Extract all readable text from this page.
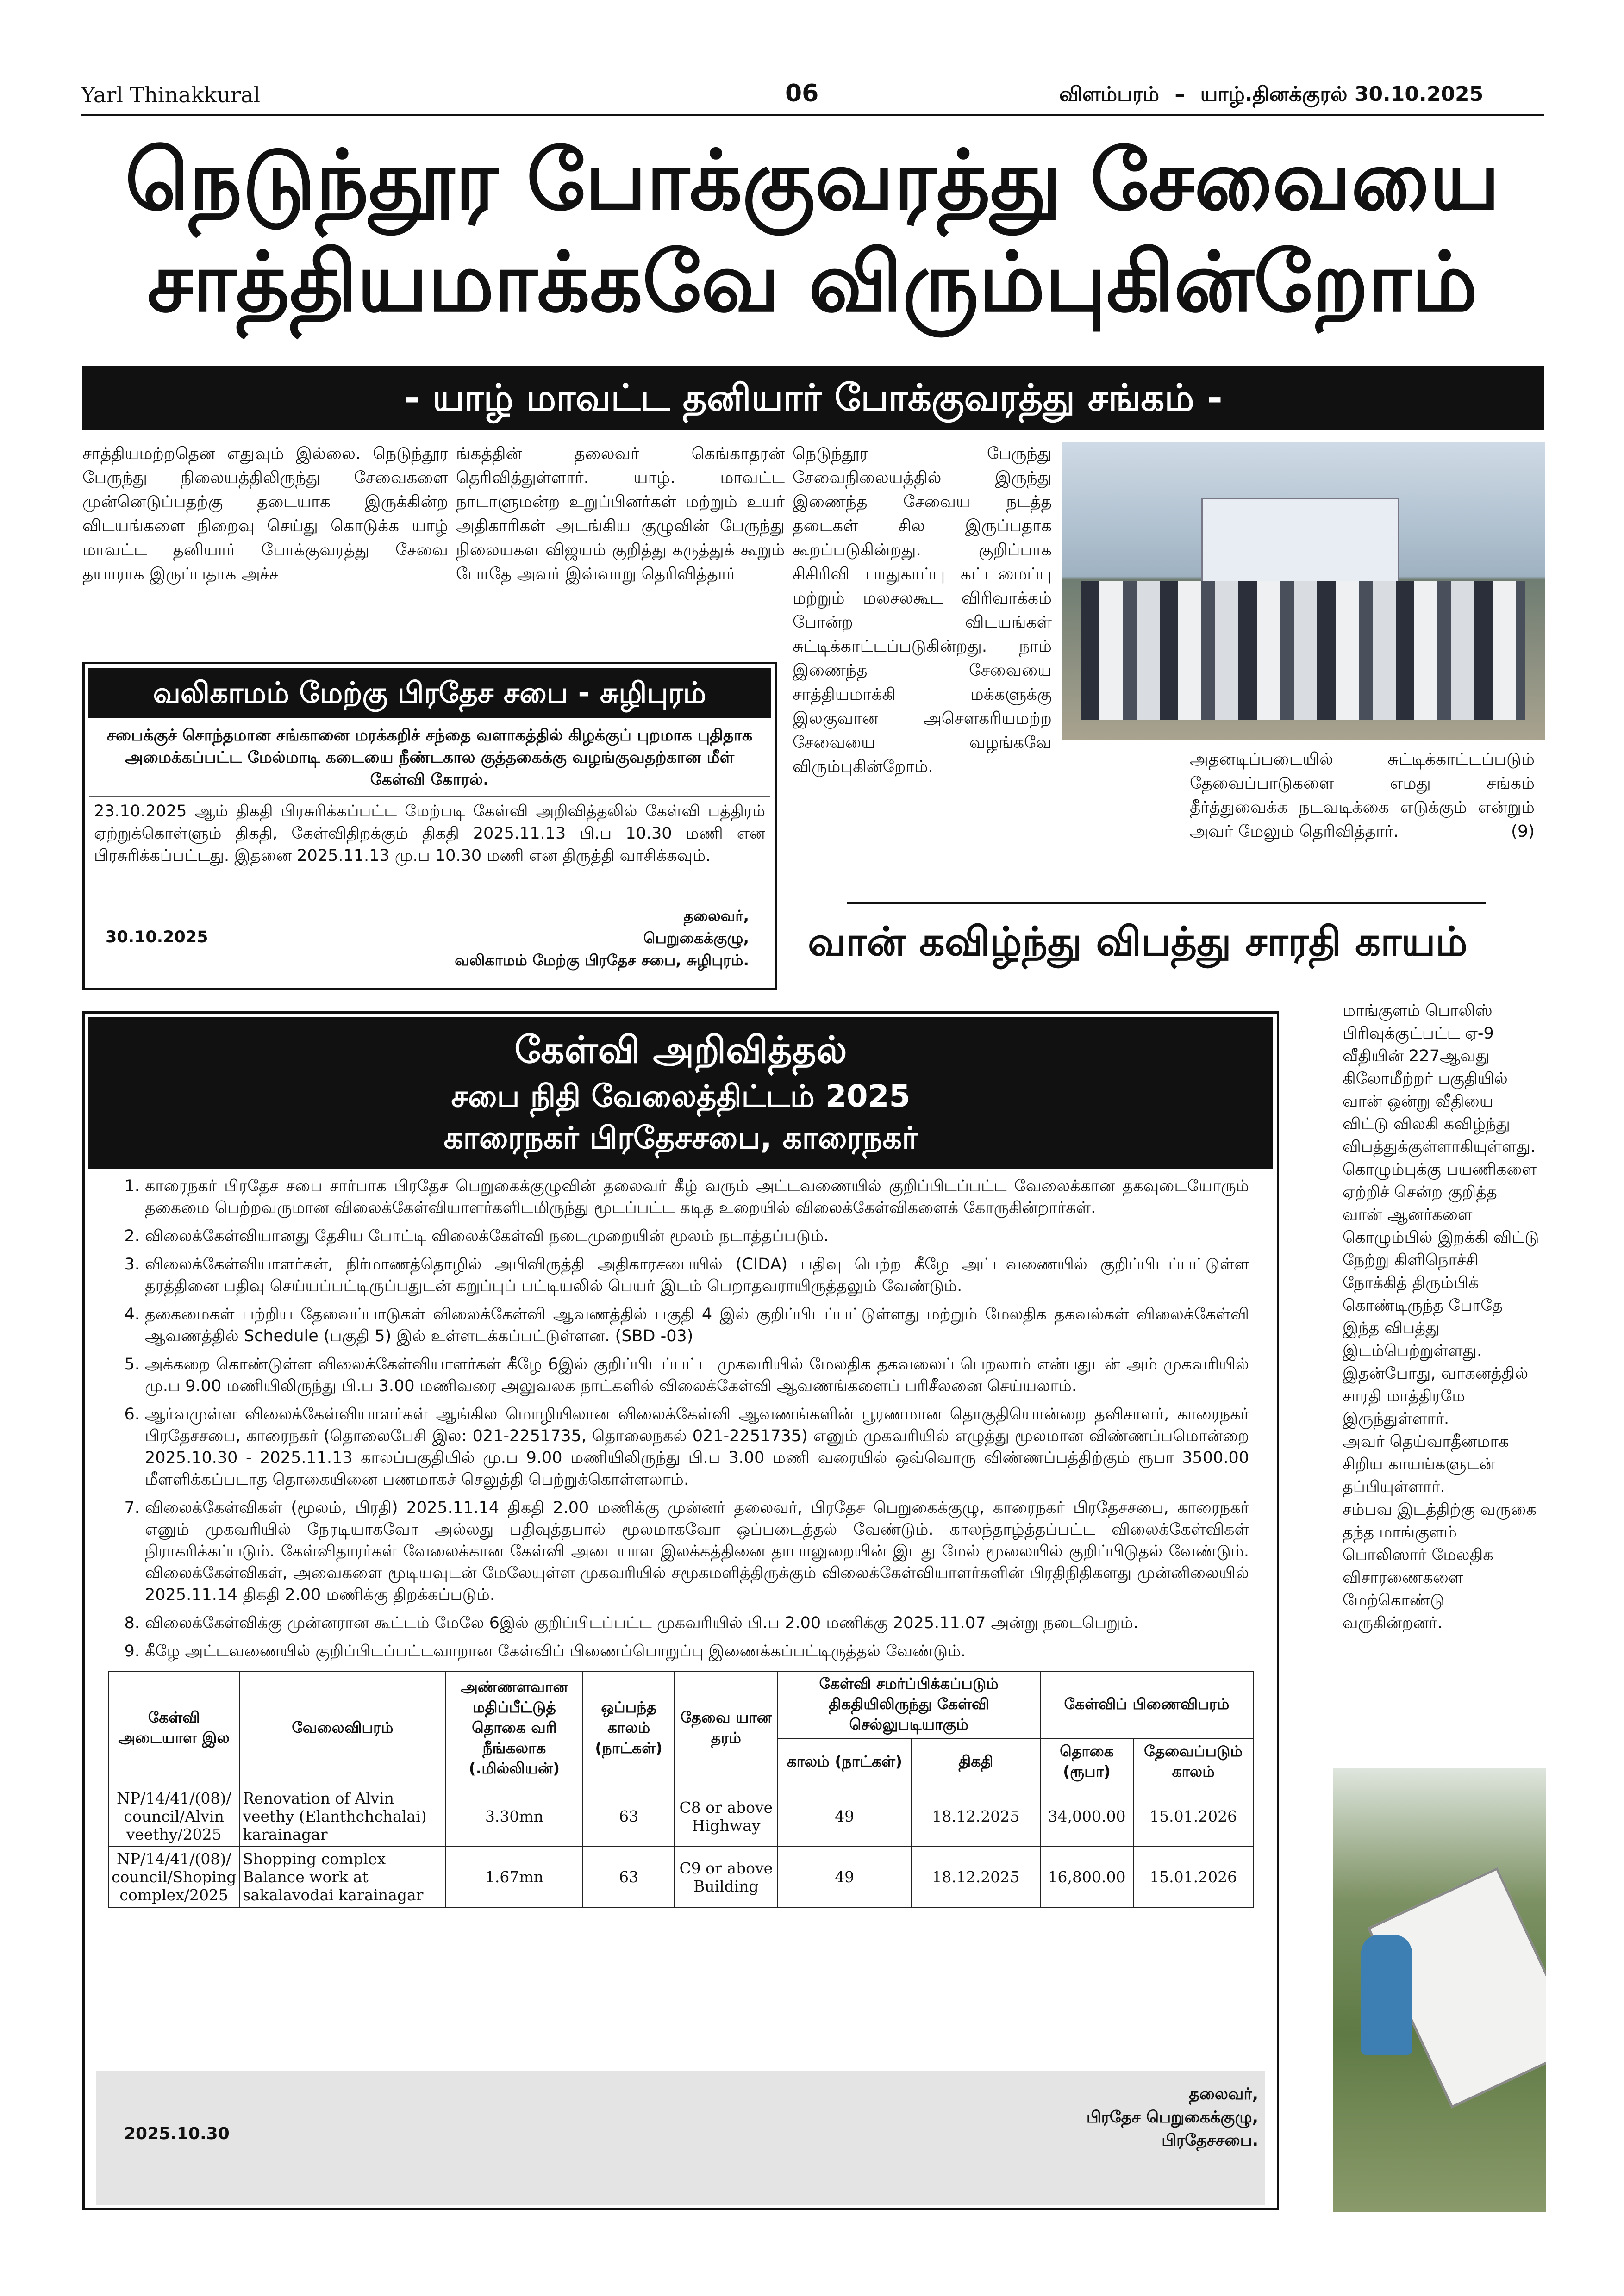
Yarl Thinakkural	06	விளம்பரம் – யாழ்.தினக்குரல் 30.10.2025
நெடுந்தூர போக்குவரத்து சேவையை
சாத்தியமாக்கவே விரும்புகின்றோம்
- யாழ் மாவட்ட தனியார் போக்குவரத்து சங்கம் -

சாத்தியமற்றதென எதுவும் இல்லை. நெடுந்தூர பேருந்து நிலையத்திலிருந்து சேவைகளை முன்னெடுப்பதற்கு தடையாக இருக்கின்ற விடயங்களை நிறைவு செய்து கொடுக்க யாழ் மாவட்ட தனியார் போக்குவரத்து சேவை தயாராக இருப்பதாக அச்ச

ங்கத்தின் தலைவர் கெங்காதரன் தெரிவித்துள்ளார். யாழ். மாவட்ட நாடாளுமன்ற உறுப்பினர்கள் மற்றும் உயர் அதிகாரிகள் அடங்கிய குழுவின் பேருந்து நிலையகள விஜயம் குறித்து கருத்துக் கூறும் போதே அவர் இவ்வாறு தெரிவித்தார்

நெடுந்தூர பேருந்து சேவைநிலையத்தில் இருந்து இணைந்த சேவைய நடத்த தடைகள் சில இருப்பதாக கூறப்படுகின்றது. குறிப்பாக சிசிரிவி பாதுகாப்பு கட்டமைப்பு மற்றும் மலசலகூட விரிவாக்கம் போன்ற விடயங்கள் சுட்டிக்காட்டப்படுகின்றது. நாம் இணைந்த சேவையை சாத்தியமாக்கி மக்களுக்கு இலகுவான அசௌகரியமற்ற சேவையை வழங்கவே விரும்புகின்றோம்.	அதனடிப்படையில் சுட்டிக்காட்டப்படும் தேவைப்பாடுகளை எமது சங்கம் தீர்த்துவைக்க நடவடிக்கை எடுக்கும் என்றும் அவர் மேலும் தெரிவித்தார்.	(9)

வலிகாமம் மேற்கு பிரதேச சபை - சுழிபுரம்
சபைக்குச் சொந்தமான சங்கானை மரக்கறிச் சந்தை வளாகத்தில் கிழக்குப் புறமாக புதிதாக அமைக்கப்பட்ட மேல்மாடி கடையை நீண்டகால குத்தகைக்கு வழங்குவதற்கான மீள் கேள்வி கோரல்.
23.10.2025 ஆம் திகதி பிரசுரிக்கப்பட்ட மேற்படி கேள்வி அறிவித்தலில் கேள்வி பத்திரம் ஏற்றுக்கொள்ளும் திகதி, கேள்விதிறக்கும் திகதி 2025.11.13 பி.ப 10.30 மணி என பிரசுரிக்கப்பட்டது. இதனை 2025.11.13 மு.ப 10.30 மணி என திருத்தி வாசிக்கவும்.
தலைவர்,
பெறுகைக்குழு,
வலிகாமம் மேற்கு பிரதேச சபை, சுழிபுரம்.
30.10.2025	வான் கவிழ்ந்து விபத்து சாரதி காயம்

மாங்குளம் பொலிஸ் பிரிவுக்குட்பட்ட ஏ-9 வீதியின் 227ஆவது கிலோமீற்றர் பகுதியில் வான் ஒன்று வீதியை விட்டு விலகி கவிழ்ந்து விபத்துக்குள்ளாகியுள்ளது.

கொழும்புக்கு பயணிகளை ஏற்றிச் சென்ற குறித்த வான் ஆனர்களை கொழும்பில் இறக்கி விட்டு நேற்று கிளிநொச்சி நோக்கித் திரும்பிக் கொண்டிருந்த போதே இந்த விபத்து இடம்பெற்றுள்ளது.

இதன்போது, வாகனத்தில் சாரதி மாத்திரமே இருந்துள்ளார்.

அவர் தெய்வாதீனமாக சிறிய காயங்களுடன் தப்பியுள்ளார்.

சம்பவ இடத்திற்கு வருகை தந்த மாங்குளம் பொலிஸார் மேலதிக விசாரணைகளை மேற்கொண்டு வருகின்றனர்.

கேள்வி அறிவித்தல்
சபை நிதி வேலைத்திட்டம் 2025
காரைநகர் பிரதேசசபை, காரைநகர்
1. காரைநகர் பிரதேச சபை சார்பாக பிரதேச பெறுகைக்குழுவின் தலைவர் கீழ் வரும் அட்டவணையில் குறிப்பிடப்பட்ட வேலைக்கான தகவுடையோரும் தகைமை பெற்றவருமான விலைக்கேள்வியாளர்களிடமிருந்து மூடப்பட்ட கடித உறையில் விலைக்கேள்விகளைக் கோருகின்றார்கள்.
2. விலைக்கேள்வியானது தேசிய போட்டி விலைக்கேள்வி நடைமுறையின் மூலம் நடாத்தப்படும்.
3. விலைக்கேள்வியாளர்கள், நிர்மாணத்தொழில் அபிவிருத்தி அதிகாரசபையில் (CIDA) பதிவு பெற்ற கீழே அட்டவணையில் குறிப்பிடப்பட்டுள்ள தரத்தினை பதிவு செய்யப்பட்டிருப்பதுடன் கறுப்புப் பட்டியலில் பெயர் இடம் பெறாதவராயிருத்தலும் வேண்டும்.
4. தகைமைகள் பற்றிய தேவைப்பாடுகள் விலைக்கேள்வி ஆவணத்தில் பகுதி 4 இல் குறிப்பிடப்பட்டுள்ளது மற்றும் மேலதிக தகவல்கள் விலைக்கேள்வி ஆவணத்தில் Schedule (பகுதி 5) இல் உள்ளடக்கப்பட்டுள்ளன. (SBD -03)
5. அக்கறை கொண்டுள்ள விலைக்கேள்வியாளர்கள் கீழே 6இல் குறிப்பிடப்பட்ட முகவரியில் மேலதிக தகவலைப் பெறலாம் என்பதுடன் அம் முகவரியில் மு.ப 9.00 மணியிலிருந்து பி.ப 3.00 மணிவரை அலுவலக நாட்களில் விலைக்கேள்வி ஆவணங்களைப் பரிசீலனை செய்யலாம்.
6. ஆர்வமுள்ள விலைக்கேள்வியாளர்கள் ஆங்கில மொழியிலான விலைக்கேள்வி ஆவணங்களின் பூரணமான தொகுதியொன்றை தவிசாளர், காரைநகர் பிரதேசசபை, காரைநகர் (தொலைபேசி இல: 021-2251735, தொலைநகல் 021-2251735) எனும் முகவரியில் எழுத்து மூலமான விண்ணப்பமொன்றை 2025.10.30 - 2025.11.13 காலப்பகுதியில் மு.ப 9.00 மணியிலிருந்து பி.ப 3.00 மணி வரையில் ஒவ்வொரு விண்ணப்பத்திற்கும் ரூபா 3500.00 மீளளிக்கப்படாத தொகையினை பணமாகச் செலுத்தி பெற்றுக்கொள்ளலாம்.
7. விலைக்கேள்விகள் (மூலம், பிரதி) 2025.11.14 திகதி 2.00 மணிக்கு முன்னர் தலைவர், பிரதேச பெறுகைக்குழு, காரைநகர் பிரதேசசபை, காரைநகர் எனும் முகவரியில் நேரடியாகவோ அல்லது பதிவுத்தபால் மூலமாகவோ ஒப்படைத்தல் வேண்டும். காலந்தாழ்த்தப்பட்ட விலைக்கேள்விகள் நிராகரிக்கப்படும். கேள்விதாரர்கள் வேலைக்கான கேள்வி அடையாள இலக்கத்தினை தாபாலுறையின் இடது மேல் மூலையில் குறிப்பிடுதல் வேண்டும். விலைக்கேள்விகள், அவைகளை மூடியவுடன் மேலேயுள்ள முகவரியில் சமூகமளித்திருக்கும் விலைக்கேள்வியாளர்களின் பிரதிநிதிகளது முன்னிலையில் 2025.11.14 திகதி 2.00 மணிக்கு திறக்கப்படும்.
8. விலைக்கேள்விக்கு முன்னரான கூட்டம் மேலே 6இல் குறிப்பிடப்பட்ட முகவரியில் பி.ப 2.00 மணிக்கு 2025.11.07 அன்று நடைபெறும்.
9. கீழே அட்டவணையில் குறிப்பிடப்பட்டவாறான கேள்விப் பிணைப்பொறுப்பு இணைக்கப்பட்டிருத்தல் வேண்டும்.
கேள்வி அடையாள இல	வேலைவிபரம்	அண்ணளவான மதிப்பீட்டுத் தொகை வரி நீங்கலாக (.மில்லியன்)	ஒப்பந்த காலம் (நாட்கள்)	தேவை யான தரம்	கேள்வி சமர்ப்பிக்கப்படும் திகதியிலிருந்து கேள்வி செல்லுபடியாகும்		கேள்விப் பிணைவிபரம்	
					காலம் (நாட்கள்)	திகதி	தொகை (ரூபா)	தேவைப்படும் காலம்
NP/14/41/(08)/ council/Alvin veethy/2025	Renovation of Alvin veethy (Elanthchchalai) karainagar	3.30mn	63	C8 or above Highway	49	18.12.2025	34,000.00	15.01.2026
NP/14/41/(08)/ council/Shoping complex/2025	Shopping complex Balance work at sakalavodai karainagar	1.67mn	63	C9 or above Building	49	18.12.2025	16,800.00	15.01.2026
2025.10.30
தலைவர்,
பிரதேச பெறுகைக்குழு,
பிரதேசசபை.
